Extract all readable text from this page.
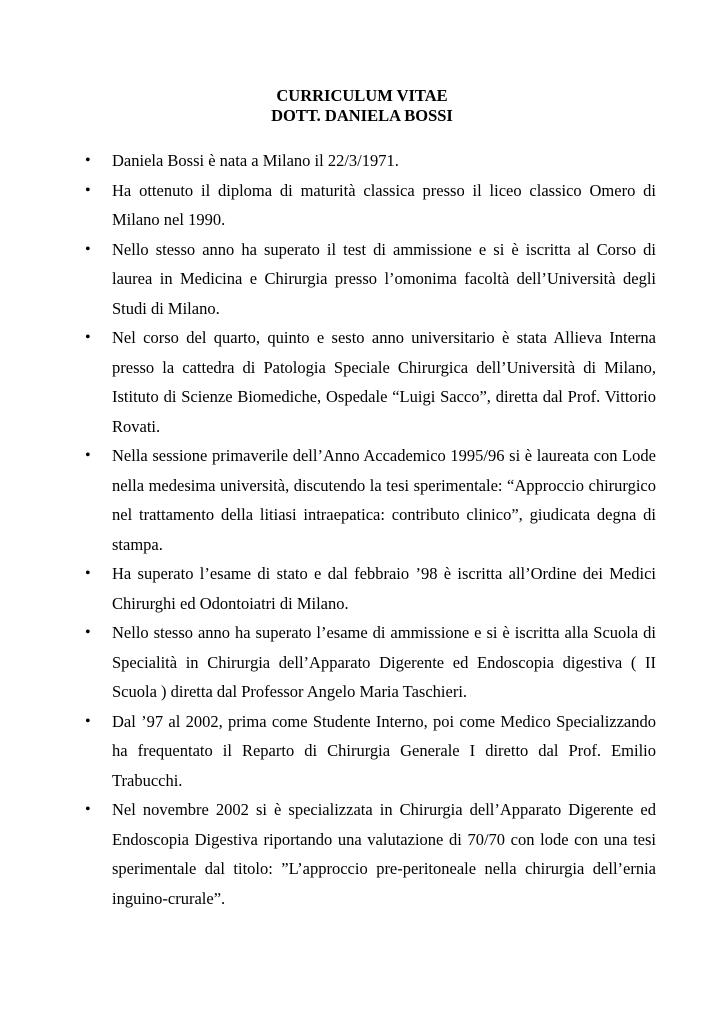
CURRICULUM VITAE
DOTT. DANIELA BOSSI
• Daniela Bossi è nata a Milano il 22/3/1971.
• Ha ottenuto il diploma di maturità classica presso il liceo classico Omero di Milano nel 1990.
• Nello stesso anno ha superato il test di ammissione e si è iscritta al Corso di laurea in Medicina e Chirurgia presso l’omonima facoltà dell’Università degli Studi di Milano.
• Nel corso del quarto, quinto e sesto anno universitario è stata Allieva Interna presso la cattedra di Patologia Speciale Chirurgica dell’Università di Milano, Istituto di Scienze Biomediche, Ospedale “Luigi Sacco”, diretta dal Prof. Vittorio Rovati.
• Nella sessione primaverile dell’Anno Accademico 1995/96 si è laureata con Lode nella medesima università, discutendo la tesi sperimentale: “Approccio chirurgico nel trattamento della litiasi intraepatica: contributo clinico”, giudicata degna di stampa.
• Ha superato l’esame di stato e dal febbraio ’98 è iscritta all’Ordine dei Medici Chirurghi ed Odontoiatri di Milano.
• Nello stesso anno ha superato l’esame di ammissione e si è iscritta alla Scuola di Specialità in Chirurgia dell’Apparato Digerente ed Endoscopia digestiva ( II Scuola ) diretta dal Professor Angelo Maria Taschieri.
• Dal ’97 al 2002, prima come Studente Interno, poi come Medico Specializzando ha frequentato il Reparto di Chirurgia Generale I diretto dal Prof. Emilio Trabucchi.
• Nel novembre 2002 si è specializzata in Chirurgia dell’Apparato Digerente ed Endoscopia Digestiva riportando una valutazione di 70/70 con lode con una tesi sperimentale dal titolo: ”L’approccio pre-peritoneale nella chirurgia dell’ernia inguino-crurale”.
